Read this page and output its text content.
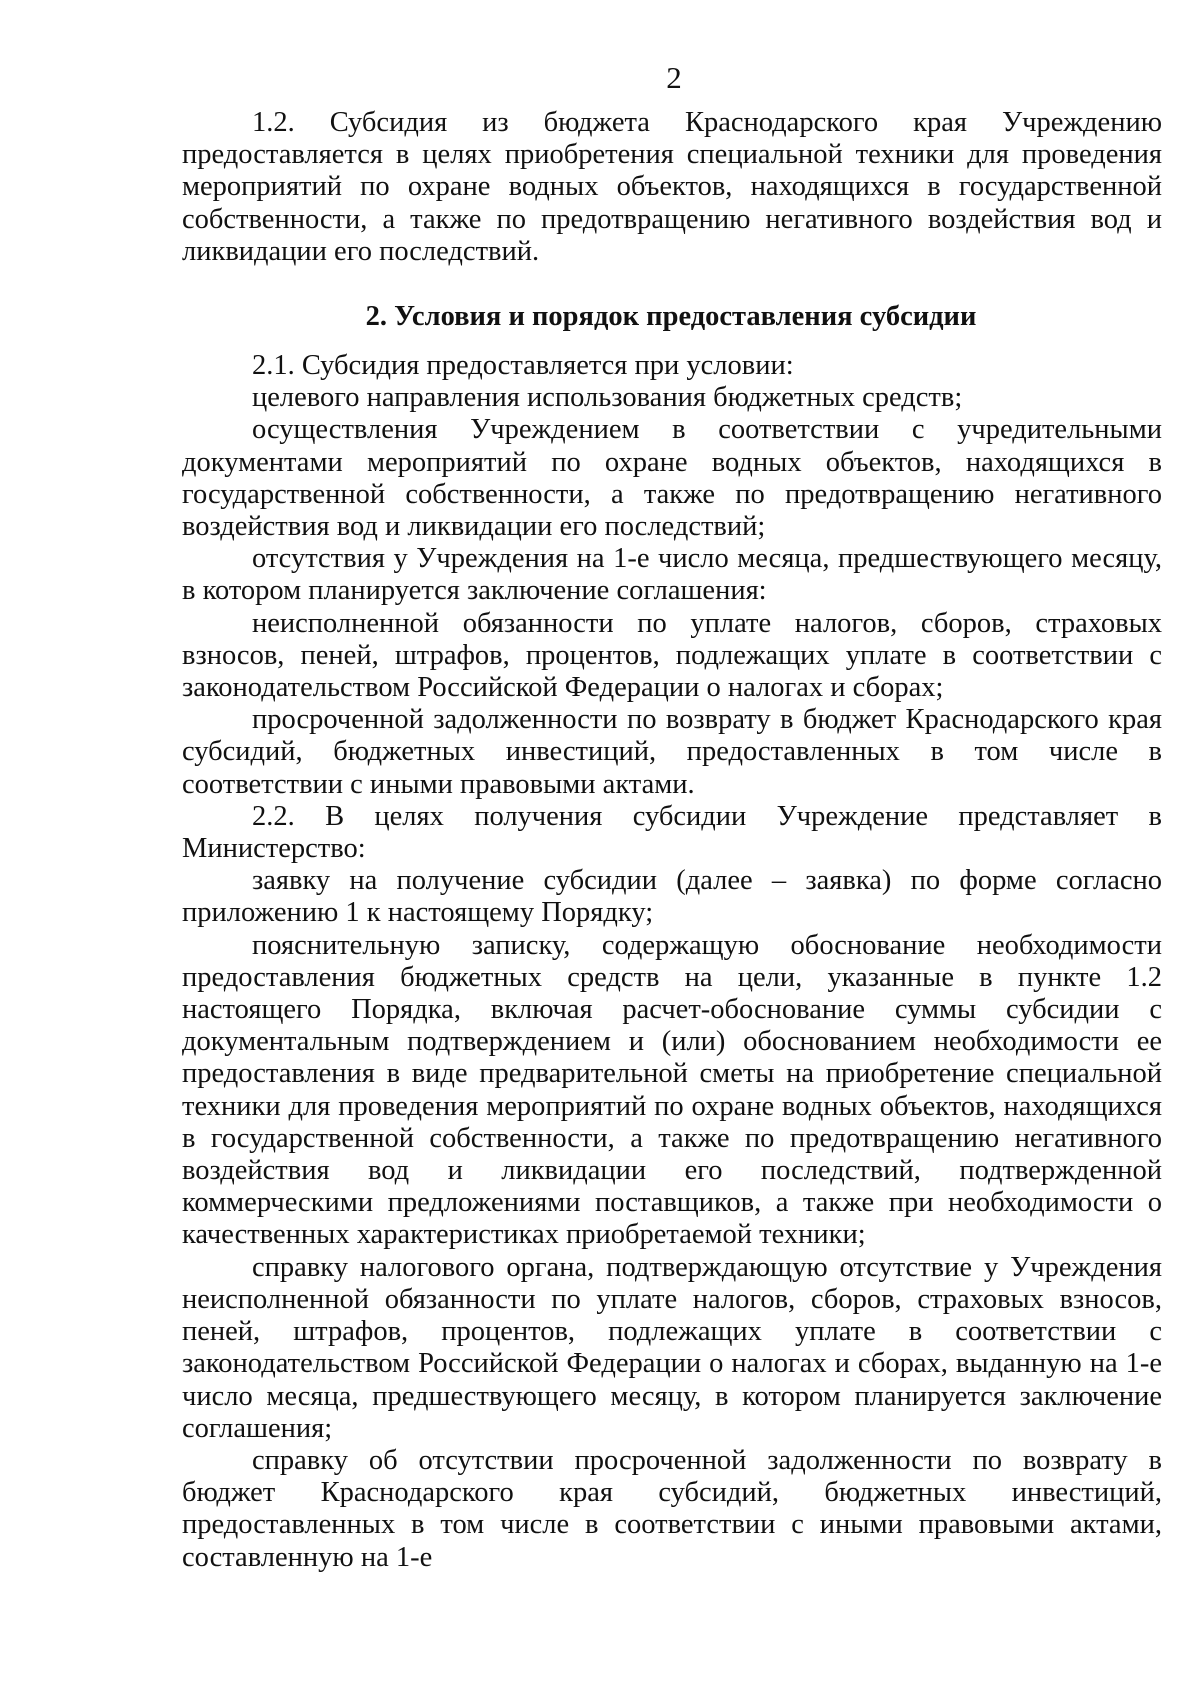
2

1.2. Субсидия из бюджета Краснодарского края Учреждению предоставляется в целях приобретения специальной техники для проведения мероприятий по охране водных объектов, находящихся в государственной собственности, а также по предотвращению негативного воздействия вод и ликвидации его последствий.

2. Условия и порядок предоставления субсидии

2.1. Субсидия предоставляется при условии:

целевого направления использования бюджетных средств;

осуществления Учреждением в соответствии с учредительными документами мероприятий по охране водных объектов, находящихся в государственной собственности, а также по предотвращению негативного воздействия вод и ликвидации его последствий;

отсутствия у Учреждения на 1-е число месяца, предшествующего месяцу, в котором планируется заключение соглашения:

неисполненной обязанности по уплате налогов, сборов, страховых взносов, пеней, штрафов, процентов, подлежащих уплате в соответствии с законодательством Российской Федерации о налогах и сборах;

просроченной задолженности по возврату в бюджет Краснодарского края субсидий, бюджетных инвестиций, предоставленных в том числе в соответствии с иными правовыми актами.

2.2. В целях получения субсидии Учреждение представляет в Министерство:

заявку на получение субсидии (далее – заявка) по форме согласно приложению 1 к настоящему Порядку;

пояснительную записку, содержащую обоснование необходимости предоставления бюджетных средств на цели, указанные в пункте 1.2 настоящего Порядка, включая расчет-обоснование суммы субсидии с документальным подтверждением и (или) обоснованием необходимости ее предоставления в виде предварительной сметы на приобретение специальной техники для проведения мероприятий по охране водных объектов, находящихся в государственной собственности, а также по предотвращению негативного воздействия вод и ликвидации его последствий, подтвержденной коммерческими предложениями поставщиков, а также при необходимости о качественных характеристиках приобретаемой техники;

справку налогового органа, подтверждающую отсутствие у Учреждения неисполненной обязанности по уплате налогов, сборов, страховых взносов, пеней, штрафов, процентов, подлежащих уплате в соответствии с законодательством Российской Федерации о налогах и сборах, выданную на 1-е число месяца, предшествующего месяцу, в котором планируется заключение соглашения;

справку об отсутствии просроченной задолженности по возврату в бюджет Краснодарского края субсидий, бюджетных инвестиций, предоставленных в том числе в соответствии с иными правовыми актами, составленную на 1-е
